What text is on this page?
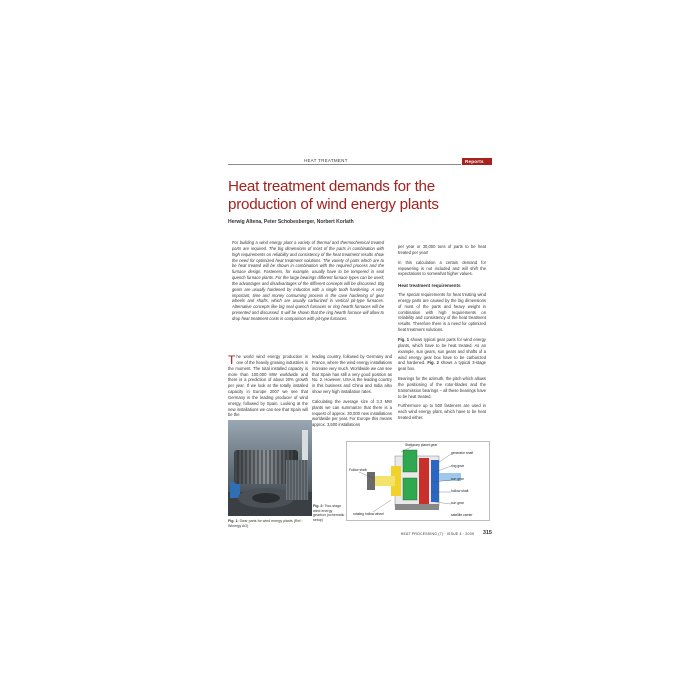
HEAT TREATMENT	Reports
Heat treatment demands for the production of wind energy plants
Herwig Altena, Peter Schobesberger, Norbert Korlath
For building a wind energy plant a variety of thermal and thermochemical treated parts are required. The big dimensions of most of the parts in combination with high requirements on reliability and consistency of the heat treatment results show the need for optimized heat treatment solutions. The variety of parts which are to be heat treated will be shown in combination with the required process and the furnace design. Fasteners, for example, usually have to be tempered in seal quench furnace plants. For the large bearings different furnace types can be used; the advantages and disadvantages of the different concepts will be discussed. Big gears are usually hardened by induction with a single tooth hardening. A very important, time and money consuming process is the case hardening of gear wheels and shafts, which are usually carburized in vertical pit-type furnaces. Alternative concepts like big seal quench furnaces or ring hearth furnaces will be presented and discussed. It will be shown that the ring hearth furnace will allow to drop heat treatment costs in comparison with pit-type furnaces.

The world wind energy production is one of the heavily growing industries in the moment. The total installed capacity is more than 100,000 MW worldwide and there is a prediction of about 20% growth per year. If we look at the totally installed capacity in Europe 2007 we see that Germany is the leading producer of wind energy, followed by Spain. Looking at the new installations we can see that Spain will be the

leading country, followed by Germany and France, where the wind energy installations increase very much. Worldwide we can see that Spain has still a very good position as No. 2. However, USA is the leading country in this business and China and India also show very high installation rates.

Calculating the average size of 3.3 MW plants we can summarize that there is a request of approx. 30,000 new installations worldwide per year. For Europe this means approx. 3,500 installations

per year or 30,000 tons of parts to be heat treated per year!

In this calculation a certain demand for repowering is not included and will shift the expectations to somewhat higher values.

Heat treatment requirements

The special requirements for heat treating wind energy parts are caused by the big dimensions of most of the parts and heavy weight in combination with high requirements on reliability and consistency of the heat treatment results. Therefore there is a need for optimized heat treatment solutions.

Fig. 1 shows typical gear parts for wind energy plants, which have to be heat treated. As an example, sun gears, sun gears and shafts of a wind energy gear box have to be carburized and hardened. Fig. 2 shows a typical 3-stage gear box.

Bearings for the azimuth, the pitch which allows the positioning of the rotor-blades and the transmission bearings – all these bearings have to be heat treated.

Furthermore up to 500 fasteners are used in each wind energy plant, which have to be heat treated either.

Fig. 1: Gear parts for wind energy plants (Ref.: Winergy AG)
Fig. 2: Two-stage wind energy gearbox (schematic setup)
Stationary planet gear
generator shaft
ring gear
Follow shaft
sun gear
hollow shaft
rotating hollow wheel
sun gear
satellite carrier
HEAT PROCESSING (7) · ISSUE 4 · 2009 315
